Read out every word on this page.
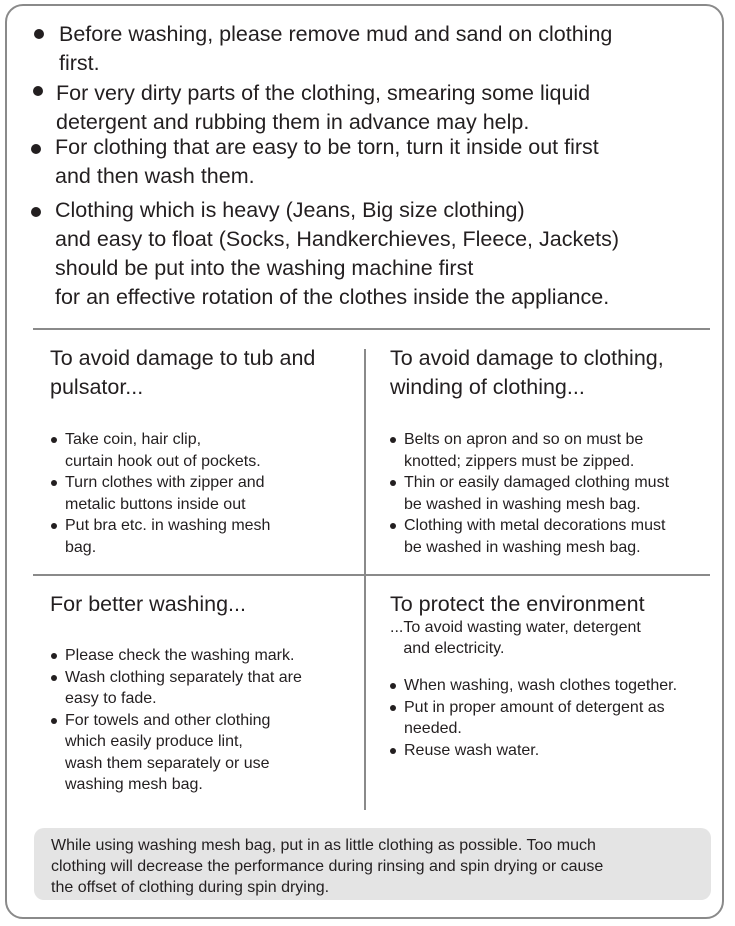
Before washing, please remove mud and sand on clothing
first.
For very dirty parts of the clothing, smearing some liquid
detergent and rubbing them in advance may help.
For clothing that are easy to be torn, turn it inside out first
and then wash them.
Clothing which is heavy (Jeans, Big size clothing)
and easy to float (Socks, Handkerchieves, Fleece, Jackets)
should be put into the washing machine first
for an effective rotation of the clothes inside the appliance.
To avoid damage to tub and
pulsator...
Take coin, hair clip,
curtain hook out of pockets.
Turn clothes with zipper and
metalic buttons inside out
Put bra etc. in washing mesh
bag.
To avoid damage to clothing,
winding of clothing...
Belts on apron and so on must be
knotted; zippers must be zipped.
Thin or easily damaged clothing must
be washed in washing mesh bag.
Clothing with metal decorations must
be washed in washing mesh bag.
For better washing...
Please check the washing mark.
Wash clothing separately that are
easy to fade.
For towels and other clothing
which easily produce lint,
wash them separately or use
washing mesh bag.
To protect the environment
...To avoid wasting water, detergent
and electricity.
When washing, wash clothes together.
Put in proper amount of detergent as
needed.
Reuse wash water.
While using washing mesh bag, put in as little clothing as possible. Too much
clothing will decrease the performance during rinsing and spin drying or cause
the offset of clothing during spin drying.
